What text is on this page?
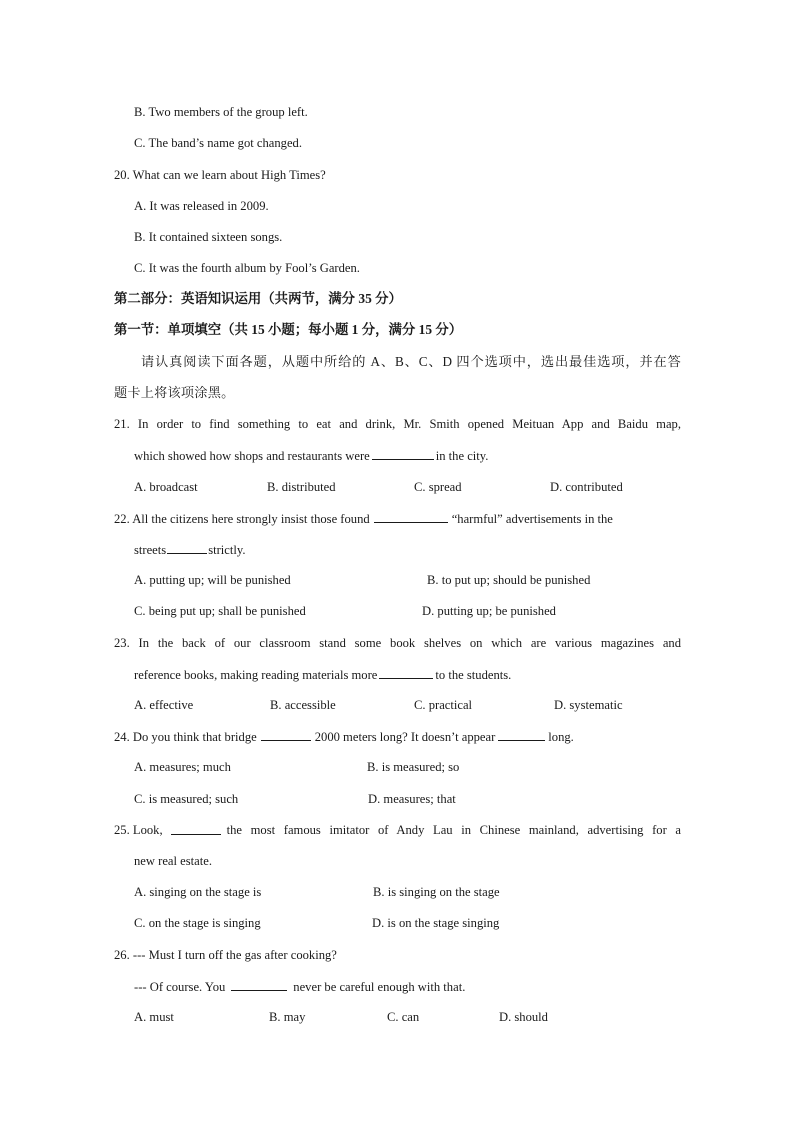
B. Two members of the group left.
C. The band’s name got changed.
20. What can we learn about High Times?
A. It was released in 2009.
B. It contained sixteen songs.
C. It was the fourth album by Fool’s Garden.
第二部分：英语知识运用（共两节，满分 35 分）
第一节：单项填空（共 15 小题；每小题 1 分，满分 15 分）
请认真阅读下面各题，从题中所给的 A、B、C、D 四个选项中，选出最佳选项，并在答
题卡上将该项涂黑。
21. In order to find something to eat and drink, Mr. Smith opened Meituan App and Baidu map,
which showed how shops and restaurants were	in the city.
A. broadcast	B. distributed	C. spread	D. contributed
22. All the citizens here strongly insist those found	“harmful” advertisements in the
streets	strictly.
A. putting up; will be punished	B. to put up; should be punished
C. being put up; shall be punished	D. putting up; be punished
23. In the back of our classroom stand some book shelves on which are various magazines and
reference books, making reading materials more	to the students.
A. effective	B. accessible	C. practical	D. systematic
24. Do you think that bridge	2000 meters long? It doesn’t appear	long.
A. measures; much	B. is measured; so
C. is measured; such	D. measures; that
25. Look,	the most famous imitator of Andy Lau in Chinese mainland, advertising for a
new real estate.
A. singing on the stage is	B. is singing on the stage
C. on the stage is singing	D. is on the stage singing
26. --- Must I turn off the gas after cooking?
--- Of course. You	never be careful enough with that.
A. must	B. may	C. can	D. should
